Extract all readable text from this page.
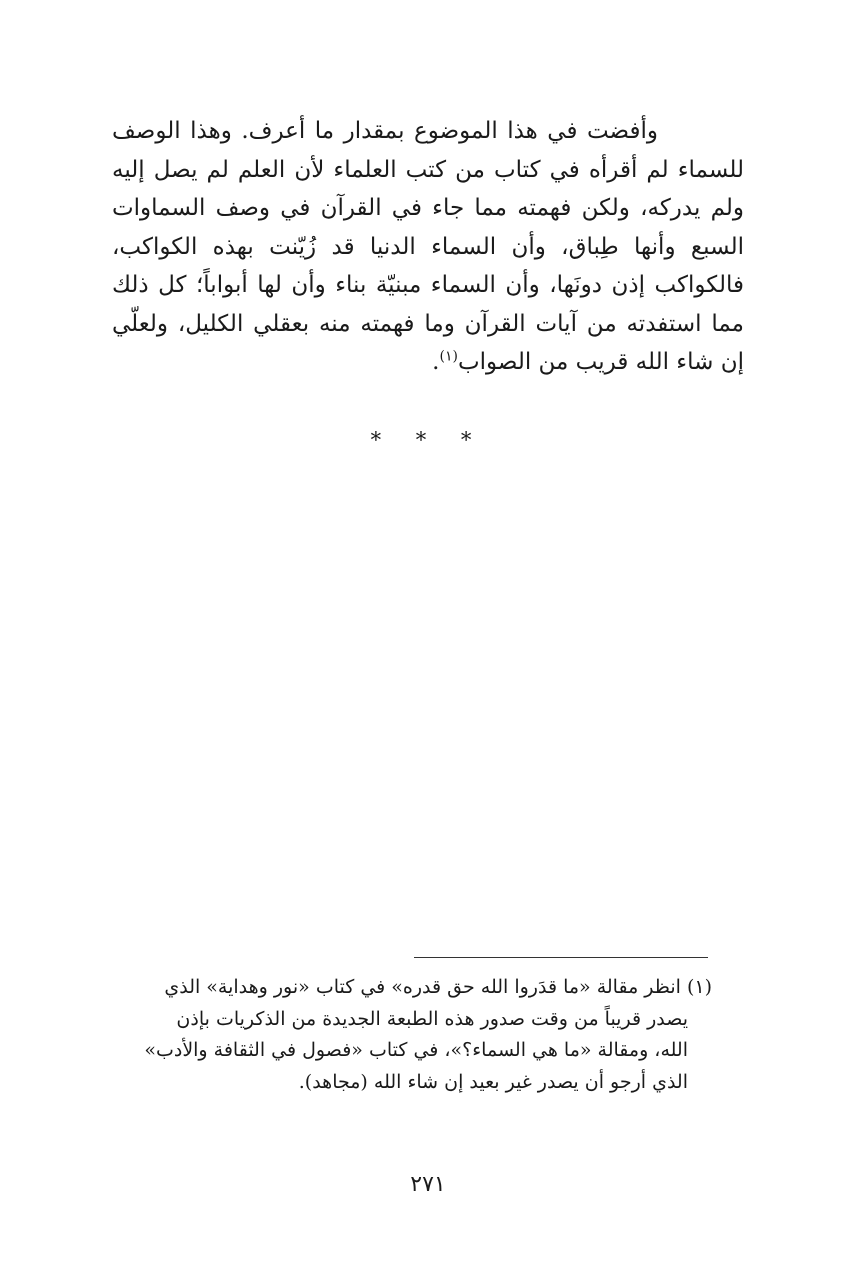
وأفضت في هذا الموضوع بمقدار ما أعرف. وهذا الوصف للسماء لم أقرأه في كتاب من كتب العلماء لأن العلم لم يصل إليه ولم يدركه، ولكن فهمته مما جاء في القرآن في وصف السماوات السبع وأنها طِباق، وأن السماء الدنيا قد زُيّنت بهذه الكواكب، فالكواكب إذن دونَها، وأن السماء مبنيّة بناء وأن لها أبواباً؛ كل ذلك مما استفدته من آيات القرآن وما فهمته منه بعقلي الكليل، ولعلّي إن شاء الله قريب من الصواب$^{(١)}$.

* * *
(١)انظر مقالة «ما قدَروا الله حق قدره» في كتاب «نور وهداية» الذي
يصدر قريباً من وقت صدور هذه الطبعة الجديدة من الذكريات بإذن
الله، ومقالة «ما هي السماء؟»، في كتاب «فصول في الثقافة والأدب»
الذي أرجو أن يصدر غير بعيد إن شاء الله (مجاهد).
٢٧١
